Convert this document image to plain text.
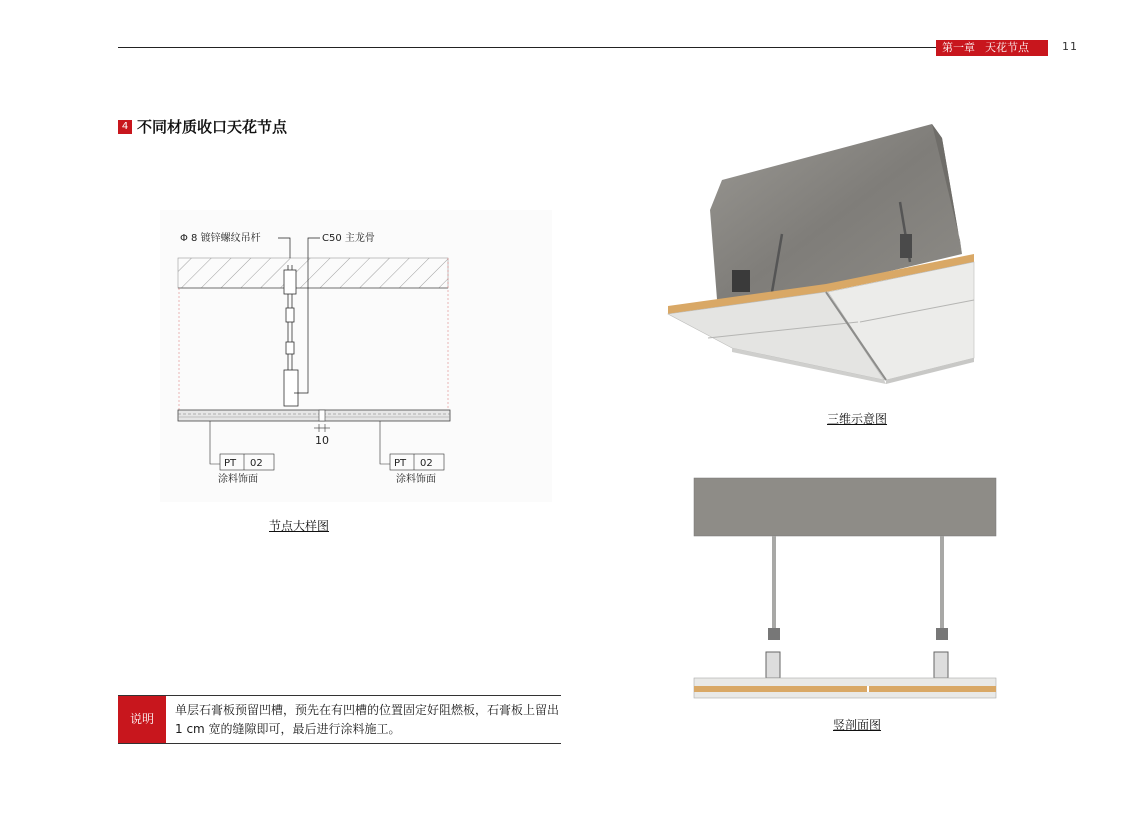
第一章 天花节点	11
4 不同材质收口天花节点
Φ 8 镀锌螺纹吊杆	C50 主龙骨
10
PT 02	PT 02
涂料饰面	涂料饰面
节点大样图
说明
单层石膏板预留凹槽，预先在有凹槽的位置固定好阻燃板，石膏板上留出 1 cm 宽的缝隙即可，最后进行涂料施工。
三维示意图
竖剖面图
